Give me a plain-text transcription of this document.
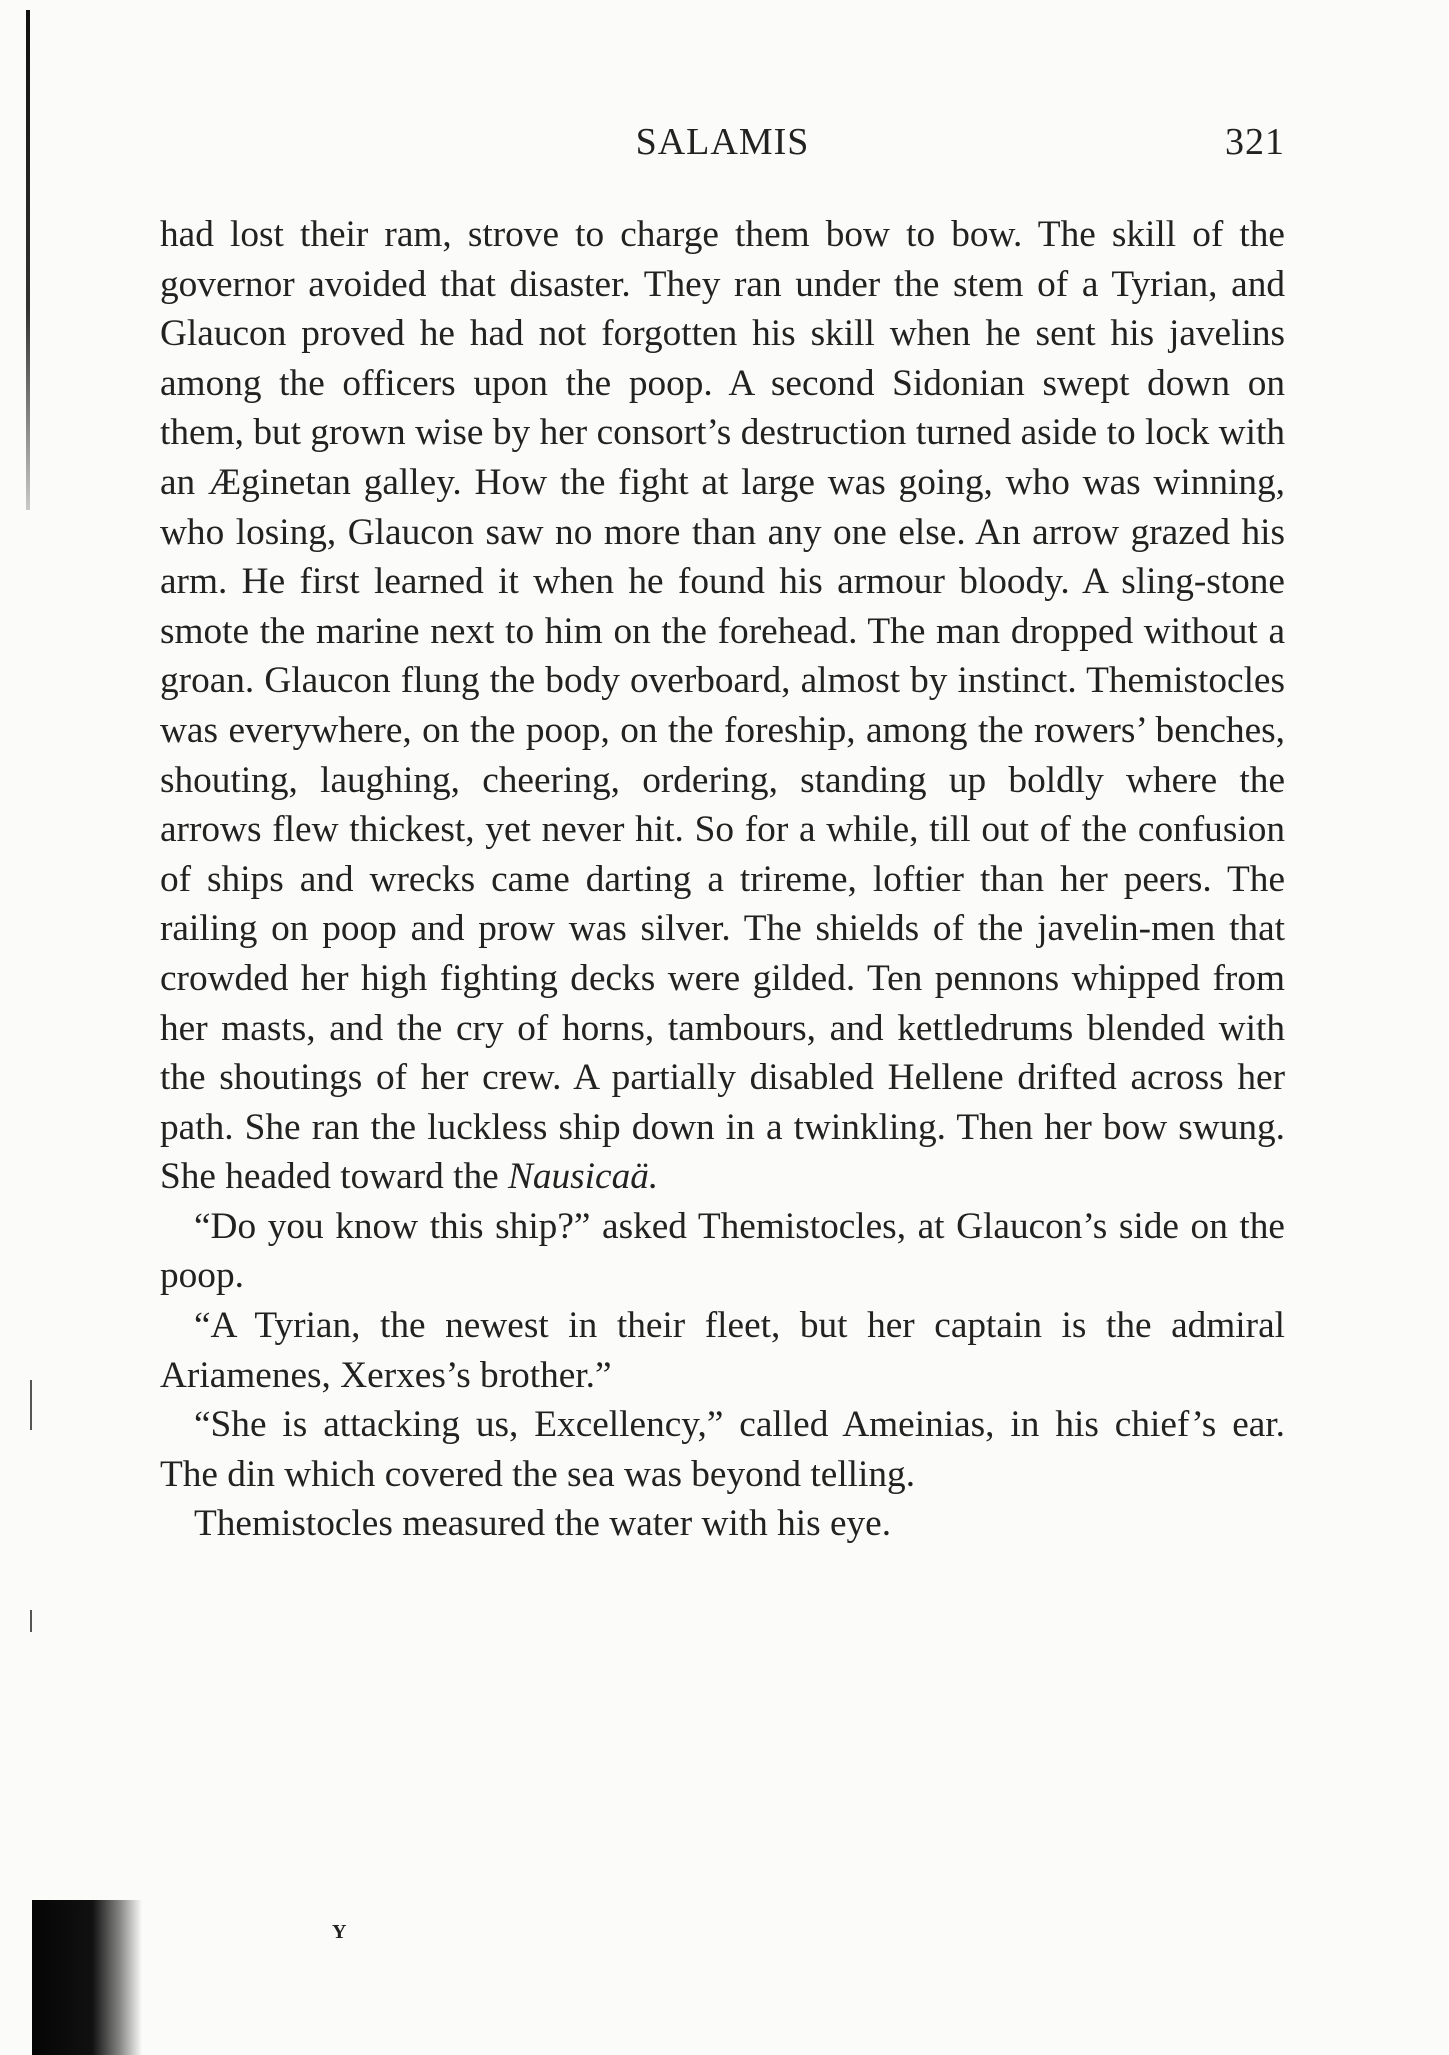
SALAMIS	321

had lost their ram, strove to charge them bow to bow. The skill of the governor avoided that disaster. They ran under the stem of a Tyrian, and Glaucon proved he had not forgotten his skill when he sent his javelins among the officers upon the poop. A second Sidonian swept down on them, but grown wise by her consort’s destruction turned aside to lock with an Æginetan galley. How the fight at large was going, who was winning, who losing, Glaucon saw no more than any one else. An arrow grazed his arm. He first learned it when he found his armour bloody. A sling-stone smote the marine next to him on the forehead. The man dropped without a groan. Glaucon flung the body overboard, almost by instinct. Themistocles was everywhere, on the poop, on the foreship, among the rowers’ benches, shouting, laughing, cheering, ordering, standing up boldly where the arrows flew thickest, yet never hit. So for a while, till out of the confusion of ships and wrecks came darting a trireme, loftier than her peers. The railing on poop and prow was silver. The shields of the javelin-men that crowded her high fighting decks were gilded. Ten pennons whipped from her masts, and the cry of horns, tambours, and kettledrums blended with the shoutings of her crew. A partially disabled Hellene drifted across her path. She ran the luckless ship down in a twinkling. Then her bow swung. She headed toward the Nausicaä.

“Do you know this ship?” asked Themistocles, at Glaucon’s side on the poop.

“A Tyrian, the newest in their fleet, but her captain is the admiral Ariamenes, Xerxes’s brother.”

“She is attacking us, Excellency,” called Ameinias, in his chief’s ear. The din which covered the sea was beyond telling.

Themistocles measured the water with his eye.

Y
